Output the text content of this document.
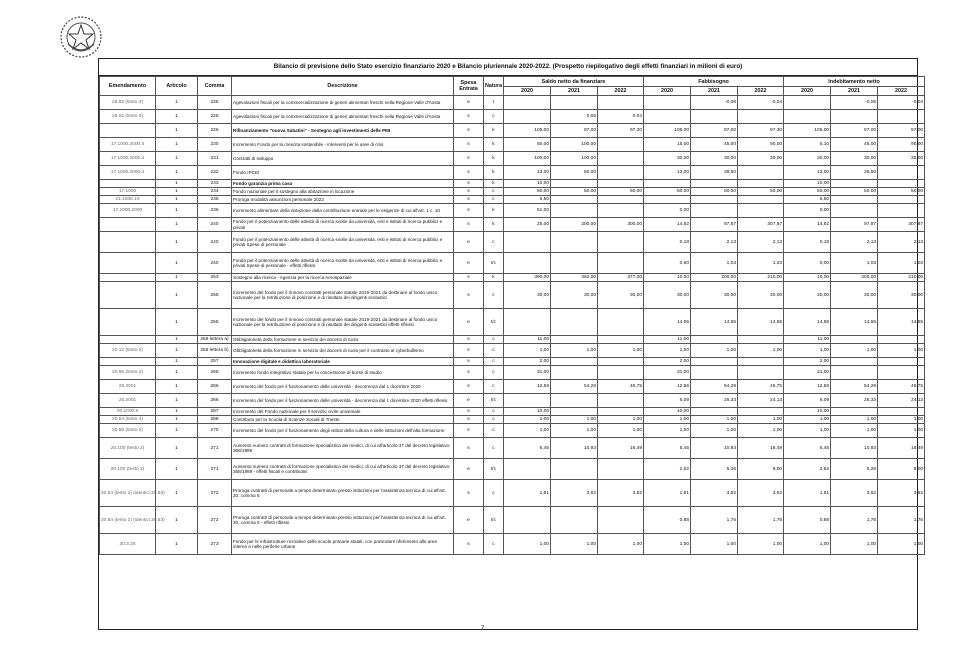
Bilancio di previsione dello Stato esercizio finanziario 2020 e Bilancio pluriennale 2020-2022. (Prospetto riepilogativo degli effetti finanziari in milioni di euro)
Emendamento	Articolo	Comma	Descrizione	Spesa Entrata	Natura	Saldo netto da finanziare			Fabbisogno			Indebitamento netto		
						2020	2021	2022	2020	2021	2022	2020	2021	2022
25.02 (testo 3)	1	225	Agevolazioni fiscali per la commercializzazione di generi alimentari freschi nella Regione Valle d'Aosta	e	t					-0,05	-0,04		-0,05	-0,04
25.02 (testo 3)	1	225	Agevolazioni fiscali per la commercializzazione di generi alimentari freschi nella Regione Valle d'Aosta	s	c		0,05	0,04						
	1	226	Rifinanziamento "nuova Sabatini" - Sostegno agli investimenti delle PMI	s	k	105,00	97,00	97,30	105,00	97,00	97,30	105,00	97,00	97,00
17.1000.2000.4	1	230	Incremento Fondo per la crescita sostenibile - interventi per le aree di crisi	s	k	50,00	100,00		15,00	45,00	90,00	5,10	45,00	90,00
17.1000.2000.4	1	231	Contratti di sviluppo	s	k	100,00	100,00		30,00	30,00	30,00	30,00	30,00	30,00
17.1000.2000.4	1	232	Fondo IPCEI	s	k	13,00	50,00		13,00	39,50		13,00	39,50	
	1	233	Fondo garanzia prima casa	s	k	10,00						10,00		
17.1000	1	234	Fondo nazionale per il sostegno alla abitazione in locazione	s	c	50,00	50,00	50,00	50,00	50,00	50,00	50,00	50,00	50,00
21.1000.10	1	235	Proroga modalità assunzioni personale 2022	s	c	5,50						5,50		
17.1000.2000	1	236	Incremento alimentare della dotazione della contribuzione erariale per le esigenze di cui all'art. 1 c. 10	s	k	51,00			0,00			0,00		
	1	240	Fondo per il potenziamento delle attività di ricerca svolte da università, enti e istituti di ricerca pubblici e privati	s	k	25,00	200,00	300,00	14,82	97,87	307,87	14,82	97,87	307,87
	1	240	Fondo per il potenziamento delle attività di ricerca svolte da università, enti e istituti di ricerca pubblici e privati Spese di personale	e	c				0,18	2,13	2,13	0,18	2,13	2,13
	1	240	Fondo per il potenziamento delle attività di ricerca svolte da università, enti e istituti di ricerca pubblici e privati Spese di personale - effetti riflessi	e	t/c				0,60	1,03	1,03	0,00	1,03	1,03
	1	253	Sostegno alla ricerca - Agenzia per la ricerca Aerospaziale	s	k	390,00	462,00	377,00	10,00	200,00	210,00	10,00	200,00	210,00
	1	255	Incremento del fondo per il rinnovo contratti personale statale 2019-2021 da destinare al fondo unico nazionale per la retribuzione di posizione e di risultato dei dirigenti scolastici	s	c	30,00	30,00	30,00	30,00	30,00	30,00	30,00	30,00	30,00
	1	255	Incremento del fondo per il rinnovo contratti personale statale 2019-2021 da destinare al fondo unico nazionale per la retribuzione di posizione e di risultato dei dirigenti scolastici effetti riflessi	e	t/c				14,55	14,55	14,55	14,55	14,55	14,55
	1	256 lettera a)	Obbligatorietà della formazione in servizio dei docenti di ruolo	s	c	11,00			11,00			11,00		
20.12 (testo 2)	1	256 lettera b)	Obbligatorietà della formazione in servizio dei docenti di ruolo per il contrasto al cyberbullismo	s	c	1,00	1,00	1,00	1,00	1,00	1,00	1,00	1,00	1,00
	1	257	Innovazione digitale e didattica laboratoriale	s	c	2,00			2,00			2,00		
20.66 (testo 2)	1	265	Incremento fondo integrativo statale per la concessione di borse di studio	s	c	31,00			31,00			31,00		
25.2001	1	266	Incremento del fondo per il funzionamento delle università - decorrenza dal 1 dicembre 2020	s	c	12,56	54,29	46,75	12,56	54,29	46,75	12,56	54,29	46,75
25.2001	1	266	Incremento del fondo per il funzionamento delle università - decorrenza dal 1 dicembre 2020 effetti riflessi	e	t/c				6,09	26,33	24,13	6,09	26,33	24,13
20.1000.5	1	267	Incremento del Fondo nazionale per il servizio civile universale	s	c	10,00			10,00			10,00		
20.54 (testo 2)	1	268	Contributo per la Scuola di Scienze Sociali di Trieste	s	c	1,00	1,00	1,00	1,00	1,00	1,00	1,00	1,00	1,00
20.88 (testo 2)	1	270	Incremento del fondo per il funzionamento degli istituti della cultura e delle istituzioni dell'alta formazione	s	c	1,00	1,00	1,00	1,00	1,00	1,00	1,00	1,00	1,00
20.100 (testo 2)	1	271	Aumento numero contratti di formazione specialistica dei medici, di cui all'articolo 37 del decreto legislativo 368/1999	s	c	5,45	10,93	16,49	5,45	10,93	16,49	5,45	10,93	16,49
20.100 (testo 2)	1	271	Aumento numero contratti di formazione specialistica dei medici, di cui all'articolo 37 del decreto legislativo 368/1999 - effetti fiscali e contributivi	e	t/c				2,62	5,26	8,00	2,62	5,26	8,00
20.54 (testo 2) (identici 20.53)	1	272	Proroga contratti di personale a tempo determinato presso istituzioni per l'assistenza tecnica di cui all'art. 20, comma 5	s	c	1,81	3,62	3,62	1,81	3,62	3,62	1,81	3,62	3,62
20.54 (testo 2) (identici 20.53)	1	272	Proroga contratti di personale a tempo determinato presso istituzioni per l'assistenza tecnica di cui all'art. 20, comma 5 - effetti riflessi	e	t/c				0,88	1,76	1,76	0,88	1,76	1,76
20.3.26	1	273	Fondo per le infrastrutture ricreative delle scuole primarie statali, con particolare riferimento alle aree interne e nelle periferie urbane	s	c	1,00	1,00	1,00	1,00	1,00	1,00	1,00	1,00	1,00
7
